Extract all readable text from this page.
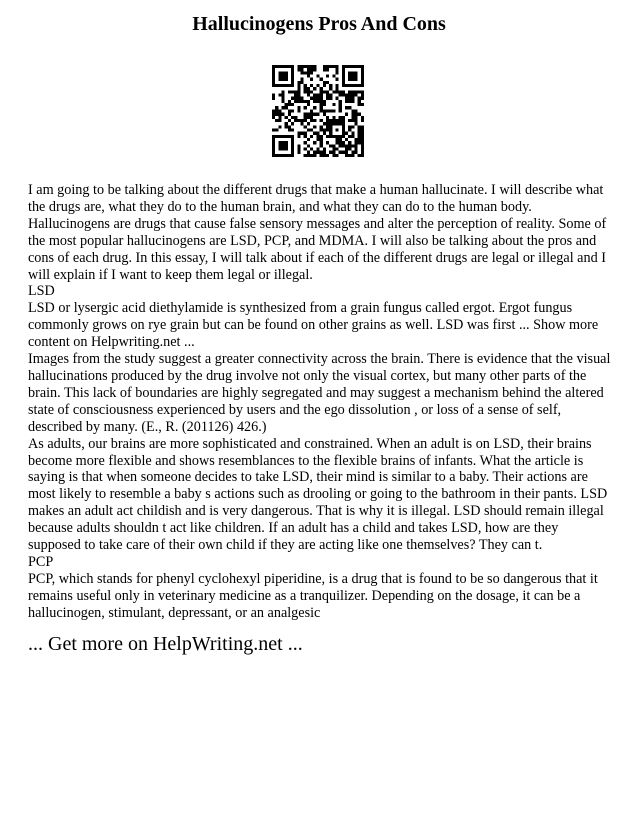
Hallucinogens Pros And Cons

I am going to be talking about the different drugs that make a human hallucinate. I will describe what the drugs are, what they do to the human brain, and what they can do to the human body. Hallucinogens are drugs that cause false sensory messages and alter the perception of reality. Some of the most popular hallucinogens are LSD, PCP, and MDMA. I will also be talking about the pros and cons of each drug. In this essay, I will talk about if each of the different drugs are legal or illegal and I will explain if I want to keep them legal or illegal.

LSD

LSD or lysergic acid diethylamide is synthesized from a grain fungus called ergot. Ergot fungus commonly grows on rye grain but can be found on other grains as well. LSD was first ... Show more content on Helpwriting.net ...

Images from the study suggest a greater connectivity across the brain. There is evidence that the visual hallucinations produced by the drug involve not only the visual cortex, but many other parts of the brain. This lack of boundaries are highly segregated and may suggest a mechanism behind the altered state of consciousness experienced by users and the ego dissolution , or loss of a sense of self, described by many. (E., R. (201126) 426.)

As adults, our brains are more sophisticated and constrained. When an adult is on LSD, their brains become more flexible and shows resemblances to the flexible brains of infants. What the article is saying is that when someone decides to take LSD, their mind is similar to a baby. Their actions are most likely to resemble a baby s actions such as drooling or going to the bathroom in their pants. LSD makes an adult act childish and is very dangerous. That is why it is illegal. LSD should remain illegal because adults shouldn t act like children. If an adult has a child and takes LSD, how are they supposed to take care of their own child if they are acting like one themselves? They can t.

PCP

PCP, which stands for phenyl cyclohexyl piperidine, is a drug that is found to be so dangerous that it remains useful only in veterinary medicine as a tranquilizer. Depending on the dosage, it can be a hallucinogen, stimulant, depressant, or an analgesic

... Get more on HelpWriting.net ...
